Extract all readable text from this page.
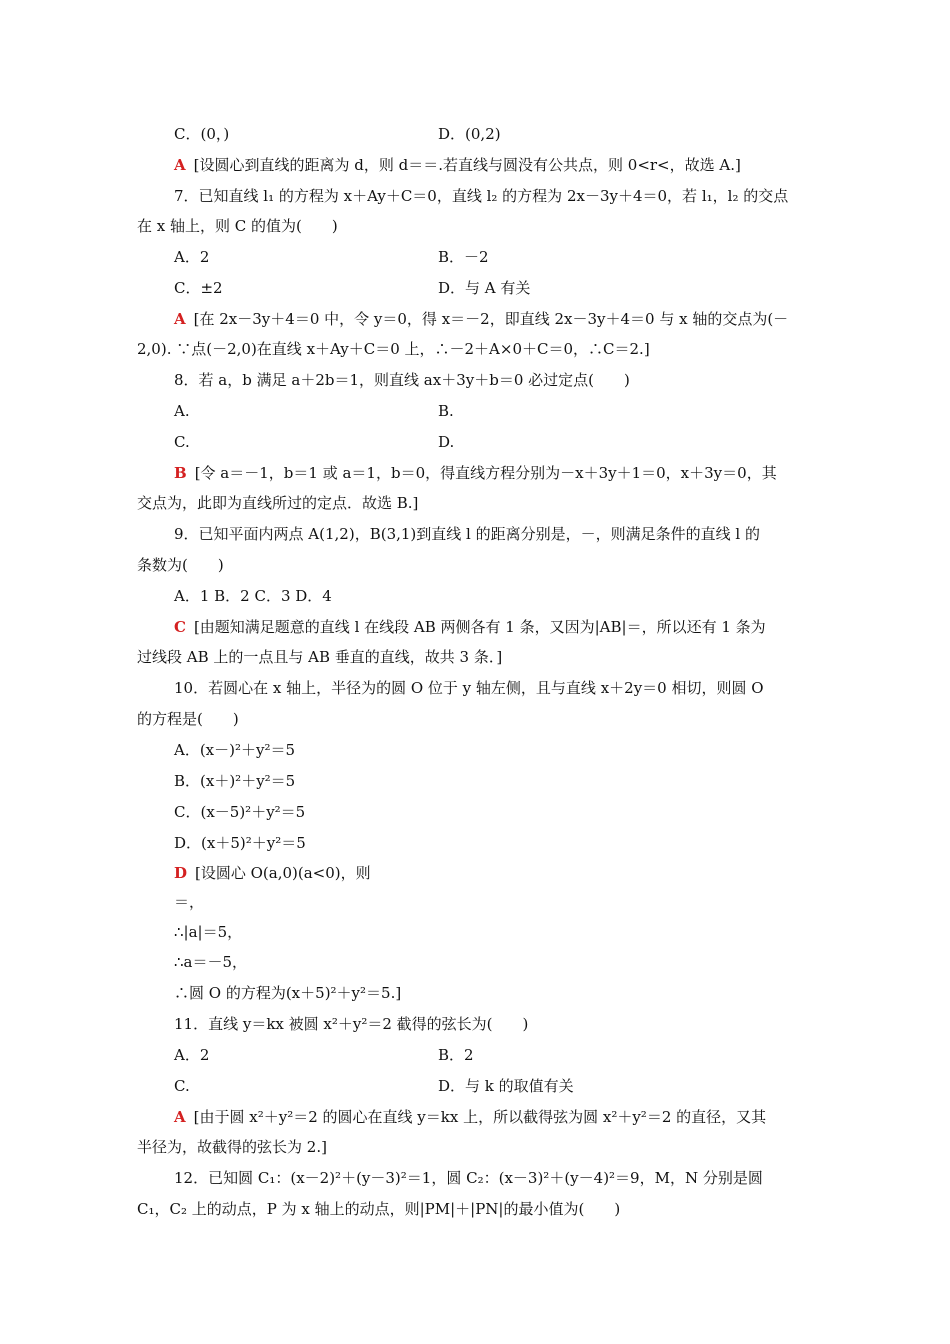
C．(0，)	D．(0,2)
A [设圆心到直线的距离为 d，则 d＝＝.若直线与圆没有公共点，则 0<r<，故选 A.]
7．已知直线 l₁ 的方程为 x＋Ay＋C＝0，直线 l₂ 的方程为 2x－3y＋4＝0，若 l₁，l₂ 的交点
在 x 轴上，则 C 的值为(　　)
A．2	B．－2
C．±2	D．与 A 有关
A [在 2x－3y＋4＝0 中，令 y＝0，得 x＝－2，即直线 2x－3y＋4＝0 与 x 轴的交点为(－
2,0). ∵点(－2,0)在直线 x＋Ay＋C＝0 上，∴－2＋A×0＋C＝0，∴C＝2.]
8．若 a，b 满足 a＋2b＝1，则直线 ax＋3y＋b＝0 必过定点(　　)
A.	B.
C.	D.
B [令 a＝－1，b＝1 或 a＝1，b＝0，得直线方程分别为－x＋3y＋1＝0，x＋3y＝0，其
交点为，此即为直线所过的定点．故选 B.]
9．已知平面内两点 A(1,2)，B(3,1)到直线 l 的距离分别是，－，则满足条件的直线 l 的
条数为(　　)
A．1 B．2 C．3 D．4
C [由题知满足题意的直线 l 在线段 AB 两侧各有 1 条，又因为|AB|＝，所以还有 1 条为
过线段 AB 上的一点且与 AB 垂直的直线，故共 3 条．]
10．若圆心在 x 轴上，半径为的圆 O 位于 y 轴左侧，且与直线 x＋2y＝0 相切，则圆 O
的方程是(　　)
A．(x－)²＋y²＝5
B．(x＋)²＋y²＝5
C．(x－5)²＋y²＝5
D．(x＋5)²＋y²＝5
D [设圆心 O(a,0)(a<0)，则
＝，
∴|a|＝5，
∴a＝－5，
∴圆 O 的方程为(x＋5)²＋y²＝5.]
11．直线 y＝kx 被圆 x²＋y²＝2 截得的弦长为(　　)
A．2	B．2
C.	D．与 k 的取值有关
A [由于圆 x²＋y²＝2 的圆心在直线 y＝kx 上，所以截得弦为圆 x²＋y²＝2 的直径，又其
半径为，故截得的弦长为 2.]
12．已知圆 C₁：(x－2)²＋(y－3)²＝1，圆 C₂：(x－3)²＋(y－4)²＝9，M，N 分别是圆
C₁，C₂ 上的动点，P 为 x 轴上的动点，则|PM|＋|PN|的最小值为(　　)
